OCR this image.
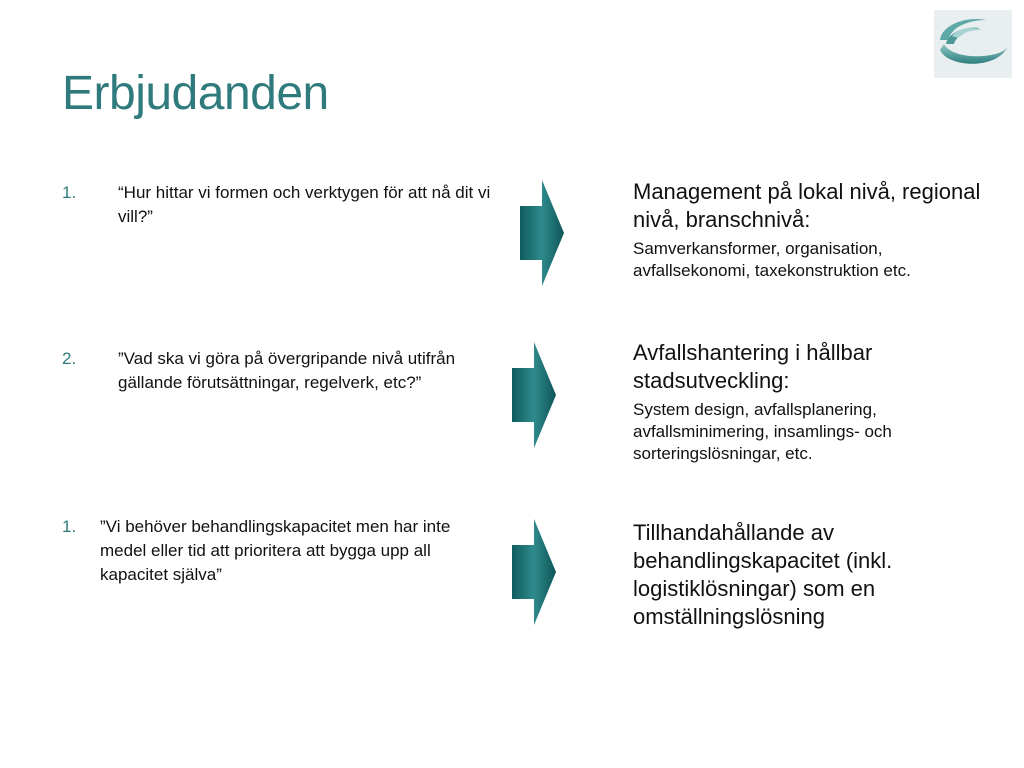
Erbjudanden
1. “Hur hittar vi formen och verktygen för att nå dit vi vill?”
2. ”Vad ska vi göra på övergripande nivå utifrån gällande förutsättningar, regelverk, etc?”
1. ”Vi behöver behandlingskapacitet men har inte medel eller tid att prioritera att bygga upp all kapacitet själva”
Management på lokal nivå, regional nivå, branschnivå:
Samverkansformer, organisation, avfallsekonomi, taxekonstruktion etc.
Avfallshantering i hållbar stadsutveckling:
System design, avfallsplanering, avfallsminimering, insamlings- och sorteringslösningar, etc.
Tillhandahållande av behandlingskapacitet (inkl. logistiklösningar) som en omställningslösning
